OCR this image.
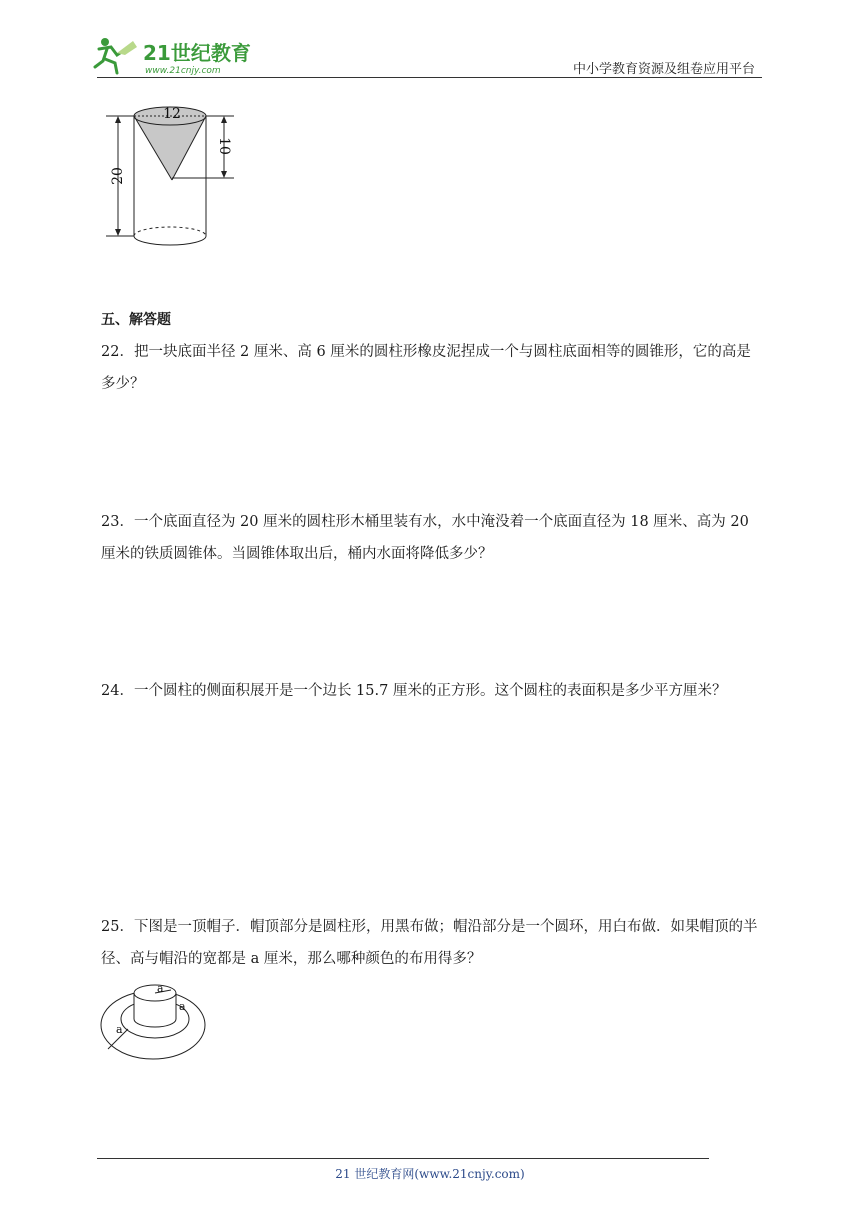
21世纪教育
www.21cnjy.com	中小学教育资源及组卷应用平台
12
20
10
五、解答题
22．把一块底面半径 2 厘米、高 6 厘米的圆柱形橡皮泥捏成一个与圆柱底面相等的圆锥形，它的高是多少？
23．一个底面直径为 20 厘米的圆柱形木桶里装有水，水中淹没着一个底面直径为 18 厘米、高为 20 厘米的铁质圆锥体。当圆锥体取出后，桶内水面将降低多少？
24．一个圆柱的侧面积展开是一个边长 15.7 厘米的正方形。这个圆柱的表面积是多少平方厘米？
25．下图是一顶帽子．帽顶部分是圆柱形，用黑布做；帽沿部分是一个圆环，用白布做．如果帽顶的半径、高与帽沿的宽都是 a 厘米，那么哪种颜色的布用得多？
a
a
a
21 世纪教育网(www.21cnjy.com)
